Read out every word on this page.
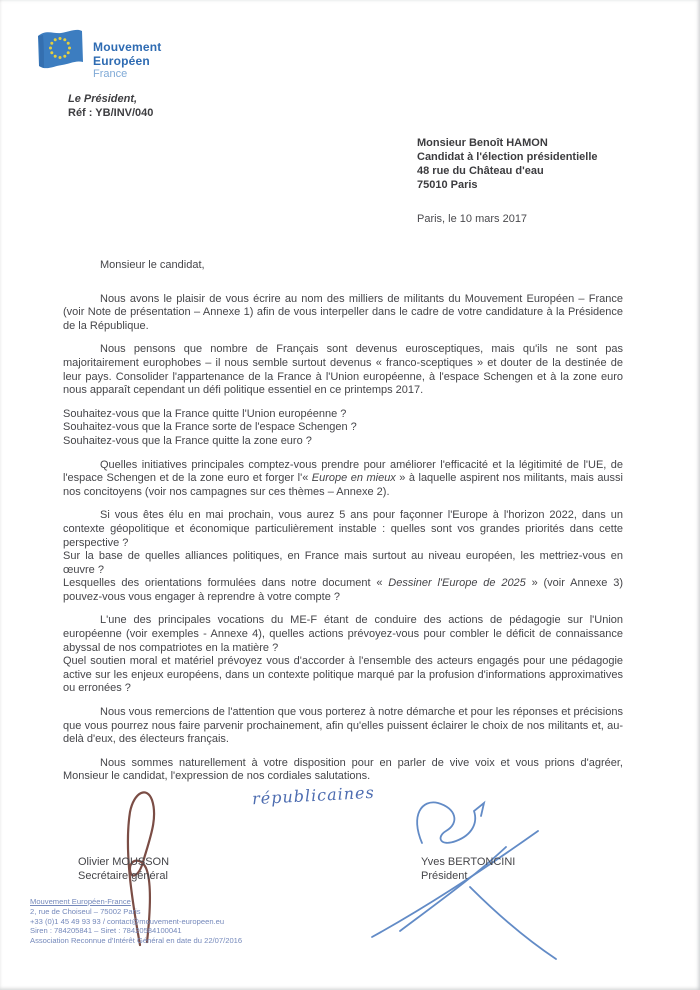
Mouvement
Européen
France
Le Président,
Réf : YB/INV/040
Monsieur Benoît HAMON
Candidat à l'élection présidentielle
48 rue du Château d'eau
75010 Paris
Paris, le 10 mars 2017
Monsieur le candidat,
Nous avons le plaisir de vous écrire au nom des milliers de militants du Mouvement Européen – France (voir Note de présentation – Annexe 1) afin de vous interpeller dans le cadre de votre candidature à la Présidence de la République.
Nous pensons que nombre de Français sont devenus eurosceptiques, mais qu'ils ne sont pas majoritairement europhobes – il nous semble surtout devenus « franco-sceptiques » et douter de la destinée de leur pays. Consolider l'appartenance de la France à l'Union européenne, à l'espace Schengen et à la zone euro nous apparaît cependant un défi politique essentiel en ce printemps 2017.
Souhaitez-vous que la France quitte l'Union européenne ?
Souhaitez-vous que la France sorte de l'espace Schengen ?
Souhaitez-vous que la France quitte la zone euro ?
Quelles initiatives principales comptez-vous prendre pour améliorer l'efficacité et la légitimité de l'UE, de l'espace Schengen et de la zone euro et forger l'« Europe en mieux » à laquelle aspirent nos militants, mais aussi nos concitoyens (voir nos campagnes sur ces thèmes – Annexe 2).
Si vous êtes élu en mai prochain, vous aurez 5 ans pour façonner l'Europe à l'horizon 2022, dans un contexte géopolitique et économique particulièrement instable : quelles sont vos grandes priorités dans cette perspective ?
Sur la base de quelles alliances politiques, en France mais surtout au niveau européen, les mettriez-vous en œuvre ?
Lesquelles des orientations formulées dans notre document « Dessiner l'Europe de 2025 » (voir Annexe 3) pouvez-vous vous engager à reprendre à votre compte ?
L'une des principales vocations du ME-F étant de conduire des actions de pédagogie sur l'Union européenne (voir exemples - Annexe 4), quelles actions prévoyez-vous pour combler le déficit de connaissance abyssal de nos compatriotes en la matière ?
Quel soutien moral et matériel prévoyez vous d'accorder à l'ensemble des acteurs engagés pour une pédagogie active sur les enjeux européens, dans un contexte politique marqué par la profusion d'informations approximatives ou erronées ?
Nous vous remercions de l'attention que vous porterez à notre démarche et pour les réponses et précisions que vous pourrez nous faire parvenir prochainement, afin qu'elles puissent éclairer le choix de nos militants et, au-delà d'eux, des électeurs français.
Nous sommes naturellement à votre disposition pour en parler de vive voix et vous prions d'agréer, Monsieur le candidat, l'expression de nos cordiales salutations.
républicaines
Olivier MOUSSON
Secrétaire général
Yves BERTONCINI
Président
Mouvement Européen-France
2, rue de Choiseul – 75002 Paris
+33 (0)1 45 49 93 93 / contact@mouvement-europeen.eu
Siren : 784205841 – Siret : 78420584100041
Association Reconnue d'Intérêt Général en date du 22/07/2016
